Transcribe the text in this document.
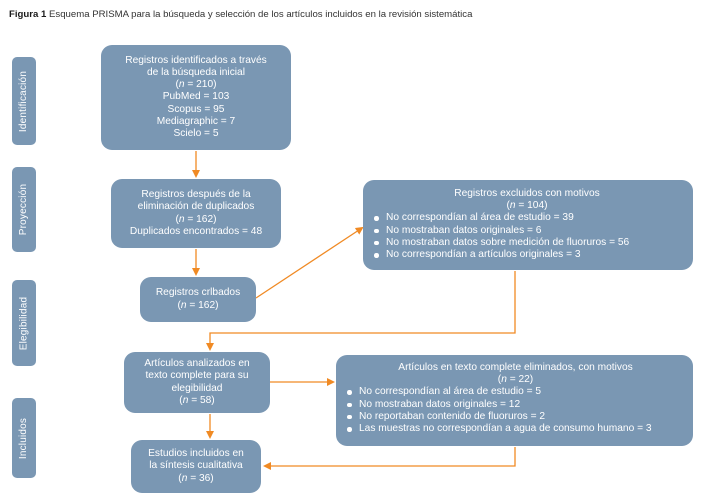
Figura 1 Esquema PRISMA para la búsqueda y selección de los artículos incluidos en la revisión sistemática
Identificación
Proyección
Elegibilidad
Incluidos
Registros identificados a través
de la búsqueda inicial
(n = 210)
PubMed = 103
Scopus = 95
Mediagraphic = 7
Scielo = 5
Registros después de la
eliminación de duplicados
(n = 162)
Duplicados encontrados = 48
Registros crlbados
(n = 162)
Registros excluidos con motivos
(n = 104)
No correspondían al área de estudio = 39
No mostraban datos originales = 6
No mostraban datos sobre medición de fluoruros = 56
No correspondían a artículos originales = 3
Artículos analizados en
texto complete para su
elegibilidad
(n = 58)
Artículos en texto complete eliminados, con motivos
(n = 22)
No correspondían al área de estudio = 5
No mostraban datos originales = 12
No reportaban contenido de fluoruros = 2
Las muestras no correspondían a agua de consumo humano = 3
Estudios incluidos en
la síntesis cualitativa
(n = 36)
